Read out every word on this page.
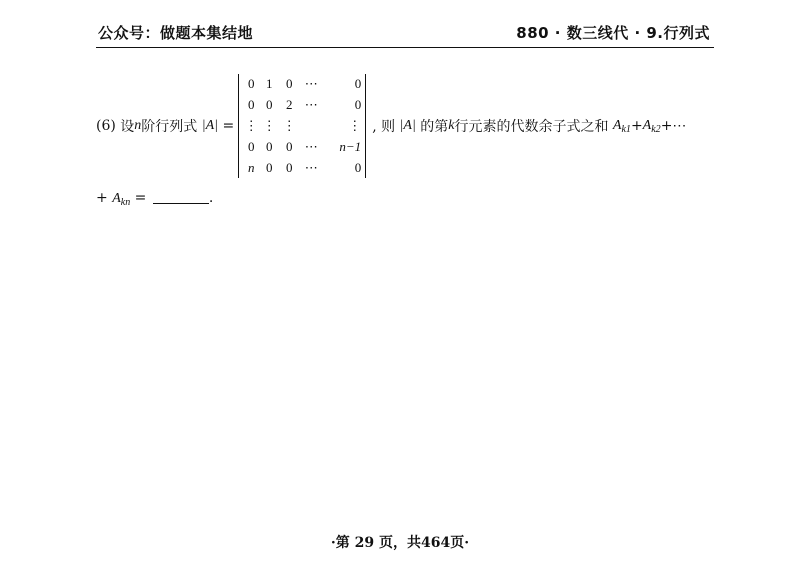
公众号：做题本集结地	880 · 数三线代 · 9.行列式
(6)
设 n 阶行列式
|A|
=
0 1	0 ⋯	0
0 0	2 ⋯	0
⋮ ⋮ ⋮	⋮
0 0	0 ⋯	n−1
n 0	0 ⋯	0
, 则
|A|
的第 k 行元素的代数余子式之和
$A_{k1} + A_{k2}$ +⋯
+ $A_{kn}$ =	.
·第 29 页，共464页·
